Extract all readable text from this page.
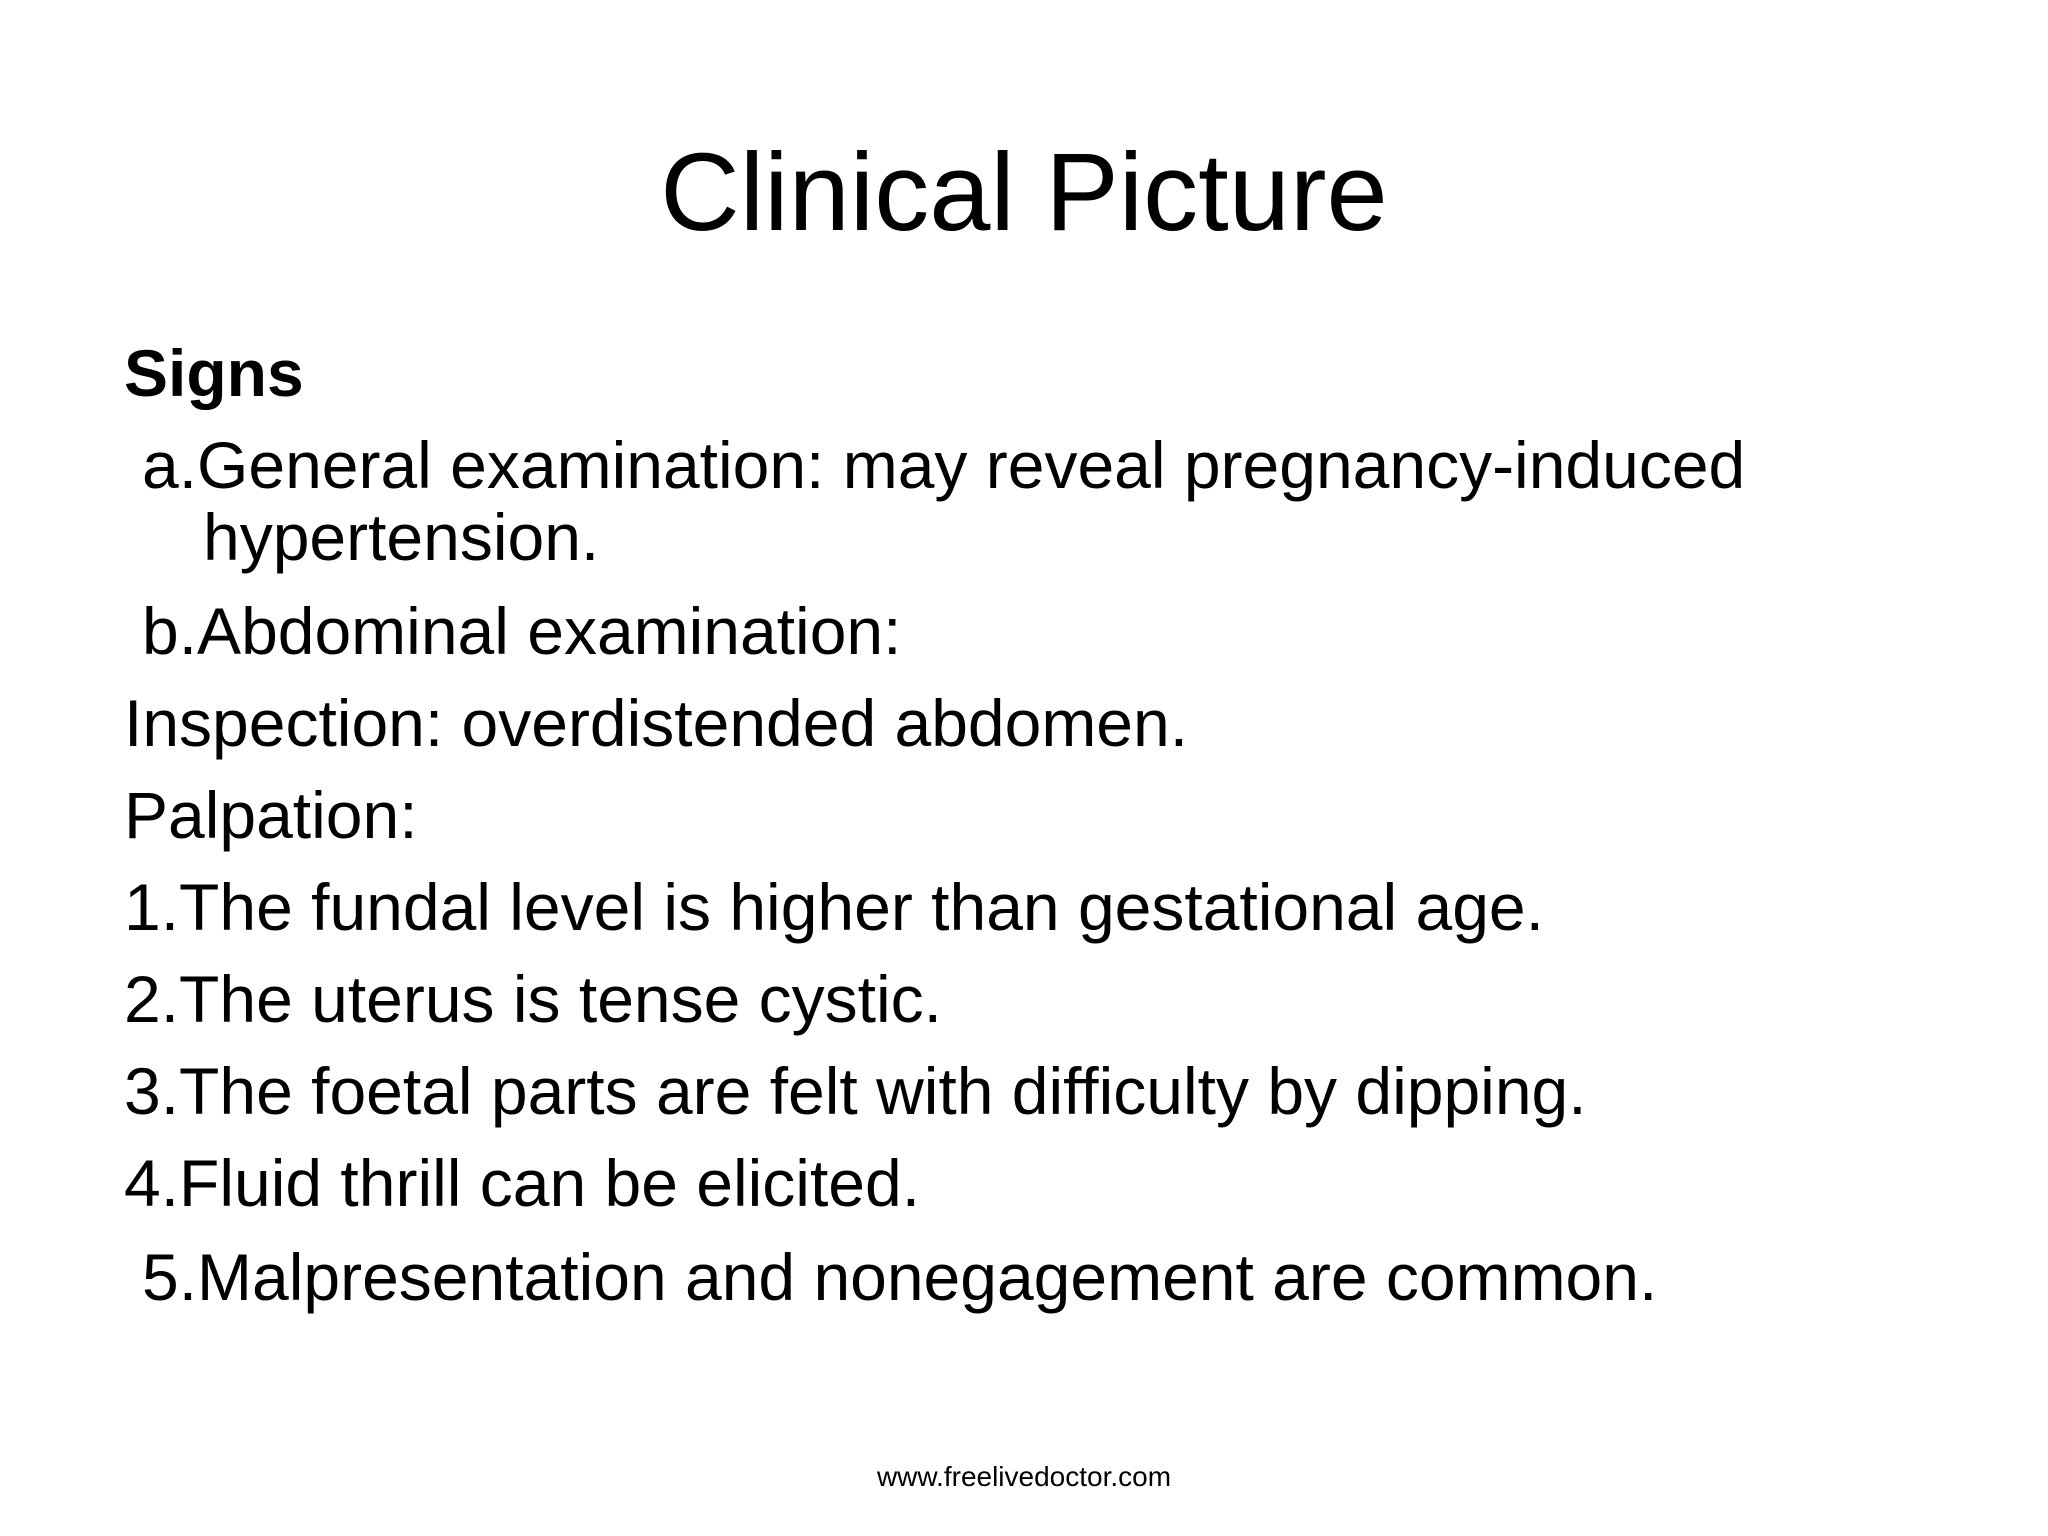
Clinical Picture
Signs
a.General examination: may reveal pregnancy-induced
hypertension.
b.Abdominal examination:
Inspection: overdistended abdomen.
Palpation:
1.The fundal level is higher than gestational age.
2.The uterus is tense cystic.
3.The foetal parts are felt with difficulty by dipping.
4.Fluid thrill can be elicited.
5.Malpresentation and nonegagement are common.
www.freelivedoctor.com
